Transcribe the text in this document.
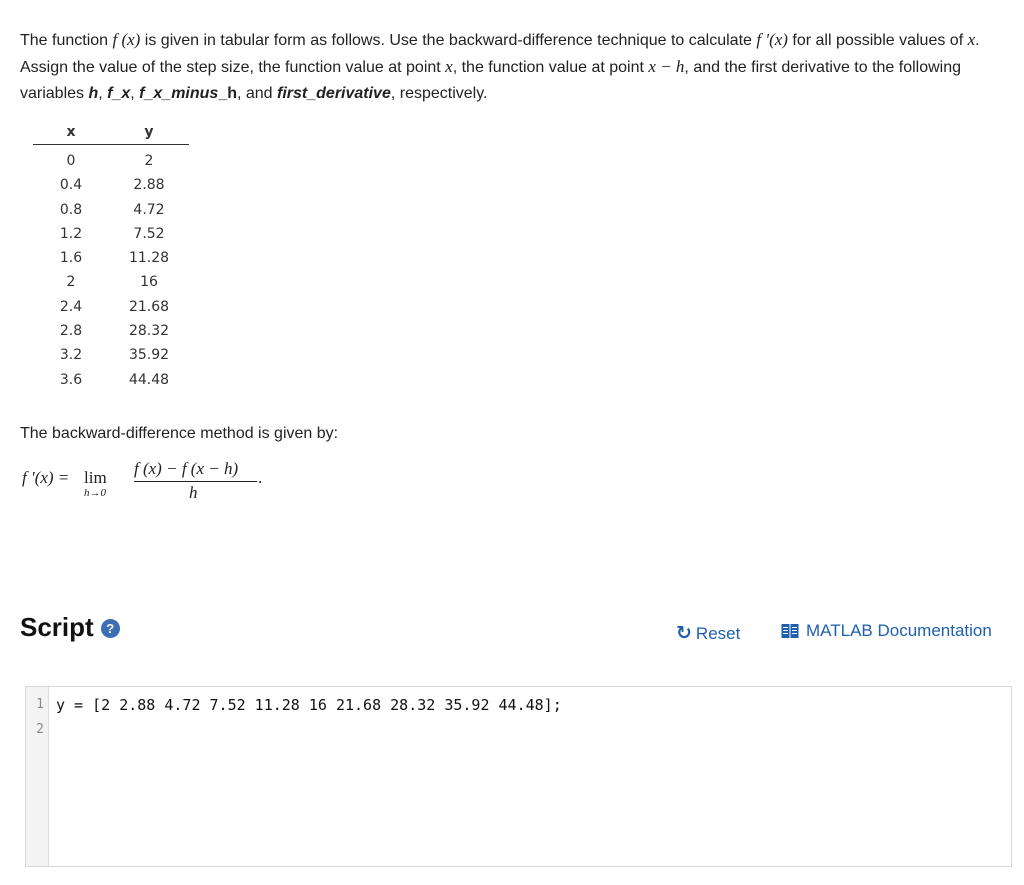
The function f (x) is given in tabular form as follows. Use the backward-difference technique to calculate f ′(x) for all possible values of x. Assign the value of the step size, the function value at point x, the function value at point x − h, and the first derivative to the following variables h, f_x, f_x_minus_h, and first_derivative, respectively.
x	y
0	2
0.4	2.88
0.8	4.72
1.2	7.52
1.6	11.28
2	16
2.4	21.68
2.8	28.32
3.2	35.92
3.6	44.48
The backward-difference method is given by:
f ′(x) = lim
h→0
f (x) − f (x − h)
h
.
Script ?	↻ Reset	MATLAB Documentation
1 y = [2 2.88 4.72 7.52 11.28 16 21.68 28.32 35.92 44.48];
2
